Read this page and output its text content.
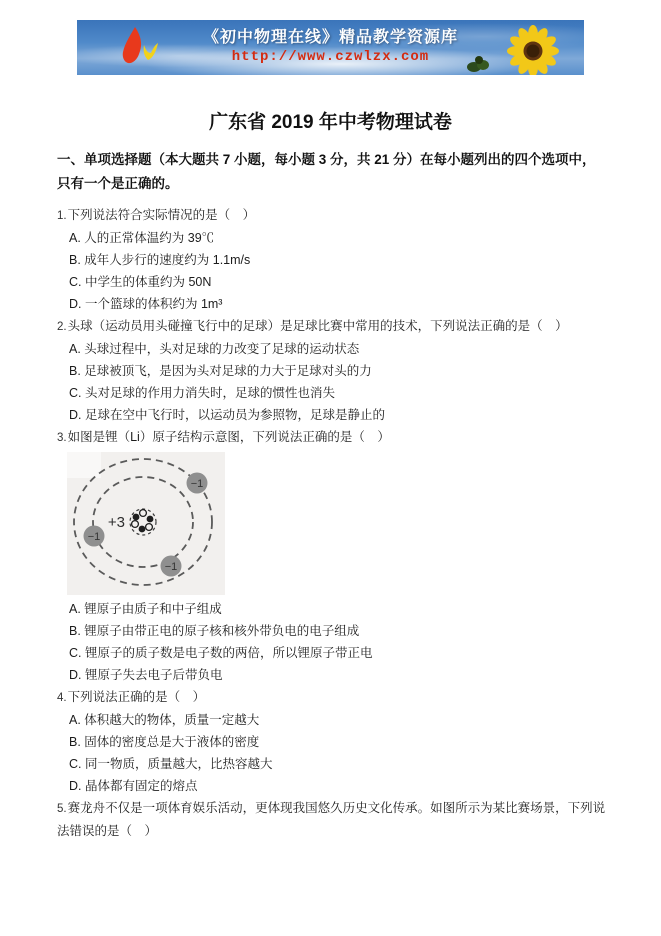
《初中物理在线》精品教学资源库
http://www.czwlzx.com
广东省 2019 年中考物理试卷
一、单项选择题（本大题共 7 小题，每小题 3 分，共 21 分）在每小题列出的四个选项中，只有一个是正确的。
1.下列说法符合实际情况的是（　）
A. 人的正常体温约为 39℃
B. 成年人步行的速度约为 1.1m/s
C. 中学生的体重约为 50N
D. 一个篮球的体积约为 1m³
2.头球（运动员用头碰撞飞行中的足球）是足球比赛中常用的技术，下列说法正确的是（　）
A. 头球过程中，头对足球的力改变了足球的运动状态
B. 足球被顶飞，是因为头对足球的力大于足球对头的力
C. 头对足球的作用力消失时，足球的惯性也消失
D. 足球在空中飞行时，以运动员为参照物，足球是静止的
3.如图是锂（Li）原子结构示意图，下列说法正确的是（　）
+3
−1
−1
−1
A. 锂原子由质子和中子组成
B. 锂原子由带正电的原子核和核外带负电的电子组成
C. 锂原子的质子数是电子数的两倍，所以锂原子带正电
D. 锂原子失去电子后带负电
4.下列说法正确的是（　）
A. 体积越大的物体，质量一定越大
B. 固体的密度总是大于液体的密度
C. 同一物质，质量越大，比热容越大
D. 晶体都有固定的熔点
5.赛龙舟不仅是一项体育娱乐活动，更体现我国悠久历史文化传承。如图所示为某比赛场景，下列说法错误的是（　）
